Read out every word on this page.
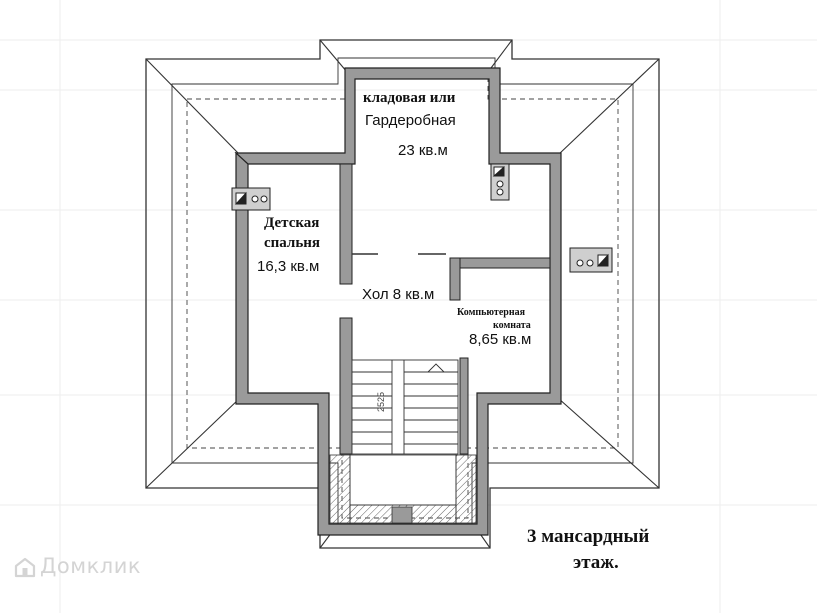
2525
кладовая или
Гардеробная
23 кв.м
Детская
спальня
16,3 кв.м
Хол 8 кв.м
Компьютерная
комната
8,65 кв.м
3 мансардный
этаж.
Домклик
